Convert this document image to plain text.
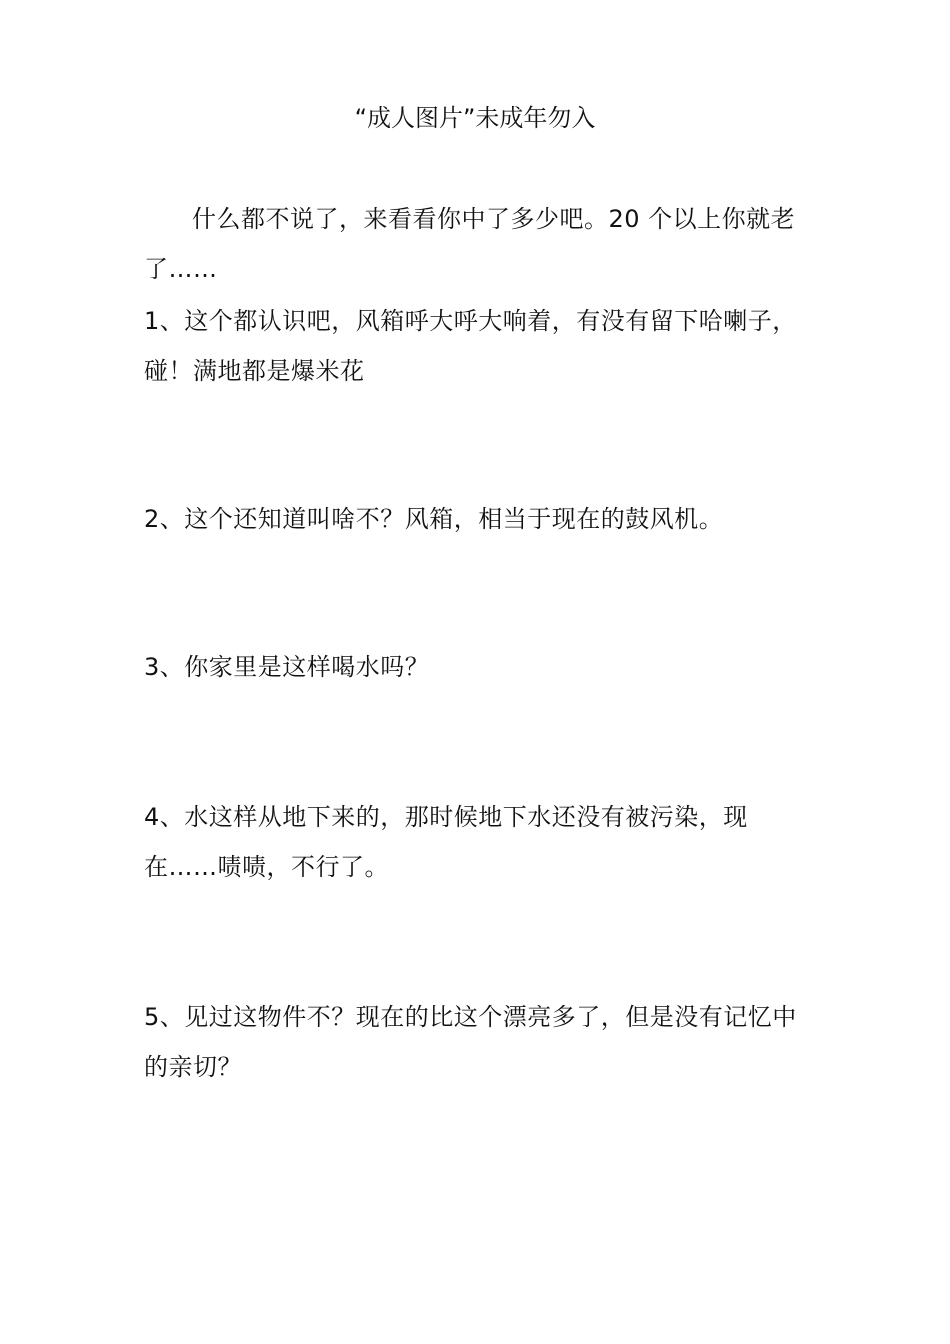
“成人图片”未成年勿入

什么都不说了，来看看你中了多少吧。20 个以上你就老了……

1、这个都认识吧，风箱呼大呼大响着，有没有留下哈喇子，碰！满地都是爆米花

2、这个还知道叫啥不？风箱，相当于现在的鼓风机。

3、你家里是这样喝水吗？

4、水这样从地下来的，那时候地下水还没有被污染，现在……啧啧，不行了。

5、见过这物件不？现在的比这个漂亮多了，但是没有记忆中的亲切？
